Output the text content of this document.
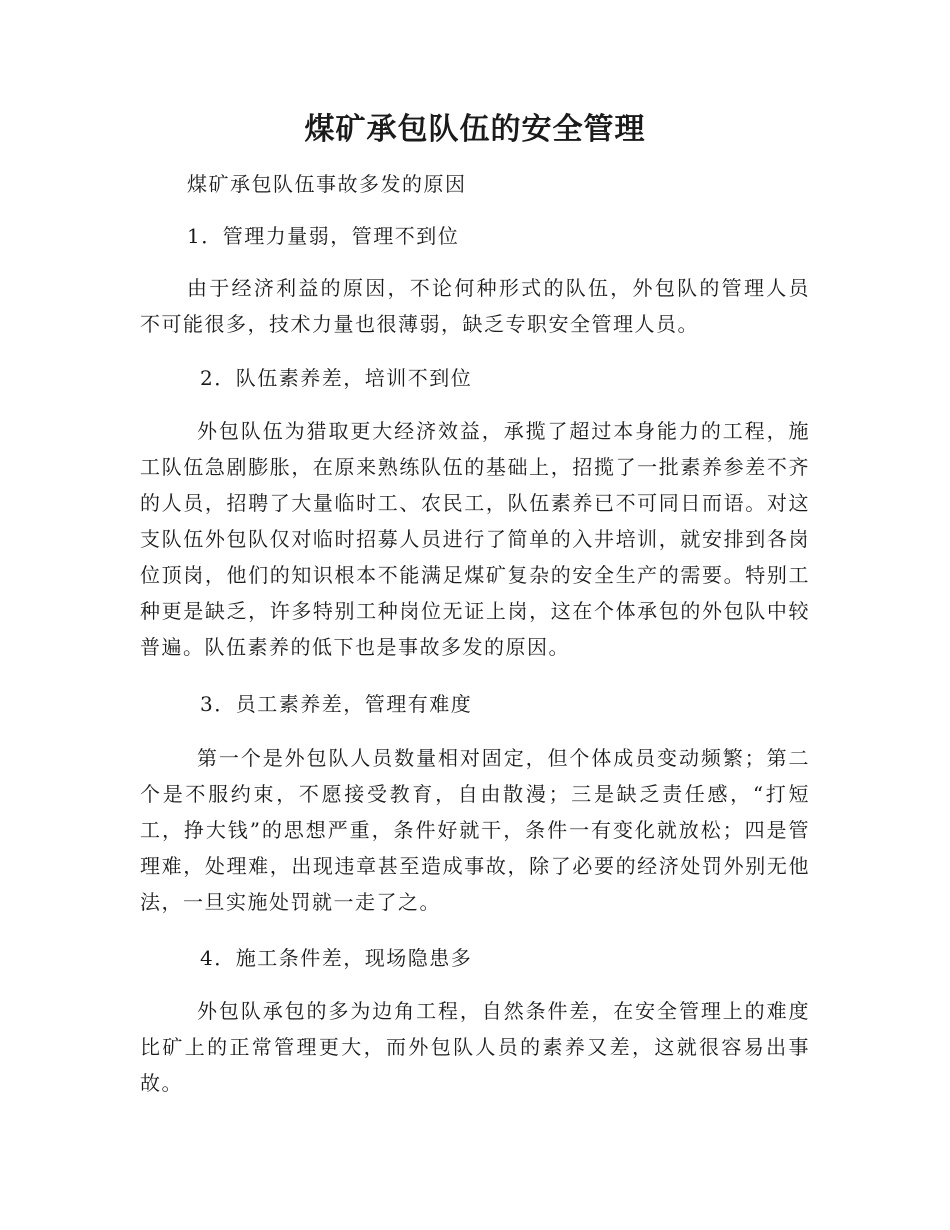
煤矿承包队伍的安全管理

煤矿承包队伍事故多发的原因

1．管理力量弱，管理不到位

由于经济利益的原因，不论何种形式的队伍，外包队的管理人员不可能很多，技术力量也很薄弱，缺乏专职安全管理人员。

2．队伍素养差，培训不到位

外包队伍为猎取更大经济效益，承揽了超过本身能力的工程，施工队伍急剧膨胀，在原来熟练队伍的基础上，招揽了一批素养参差不齐的人员，招聘了大量临时工、农民工，队伍素养已不可同日而语。对这支队伍外包队仅对临时招募人员进行了简单的入井培训，就安排到各岗位顶岗，他们的知识根本不能满足煤矿复杂的安全生产的需要。特别工种更是缺乏，许多特别工种岗位无证上岗，这在个体承包的外包队中较普遍。队伍素养的低下也是事故多发的原因。

3．员工素养差，管理有难度

第一个是外包队人员数量相对固定，但个体成员变动频繁；第二个是不服约束，不愿接受教育，自由散漫；三是缺乏责任感，“打短工，挣大钱”的思想严重，条件好就干，条件一有变化就放松；四是管理难，处理难，出现违章甚至造成事故，除了必要的经济处罚外别无他法，一旦实施处罚就一走了之。

4．施工条件差，现场隐患多

外包队承包的多为边角工程，自然条件差，在安全管理上的难度比矿上的正常管理更大，而外包队人员的素养又差，这就很容易出事故。
